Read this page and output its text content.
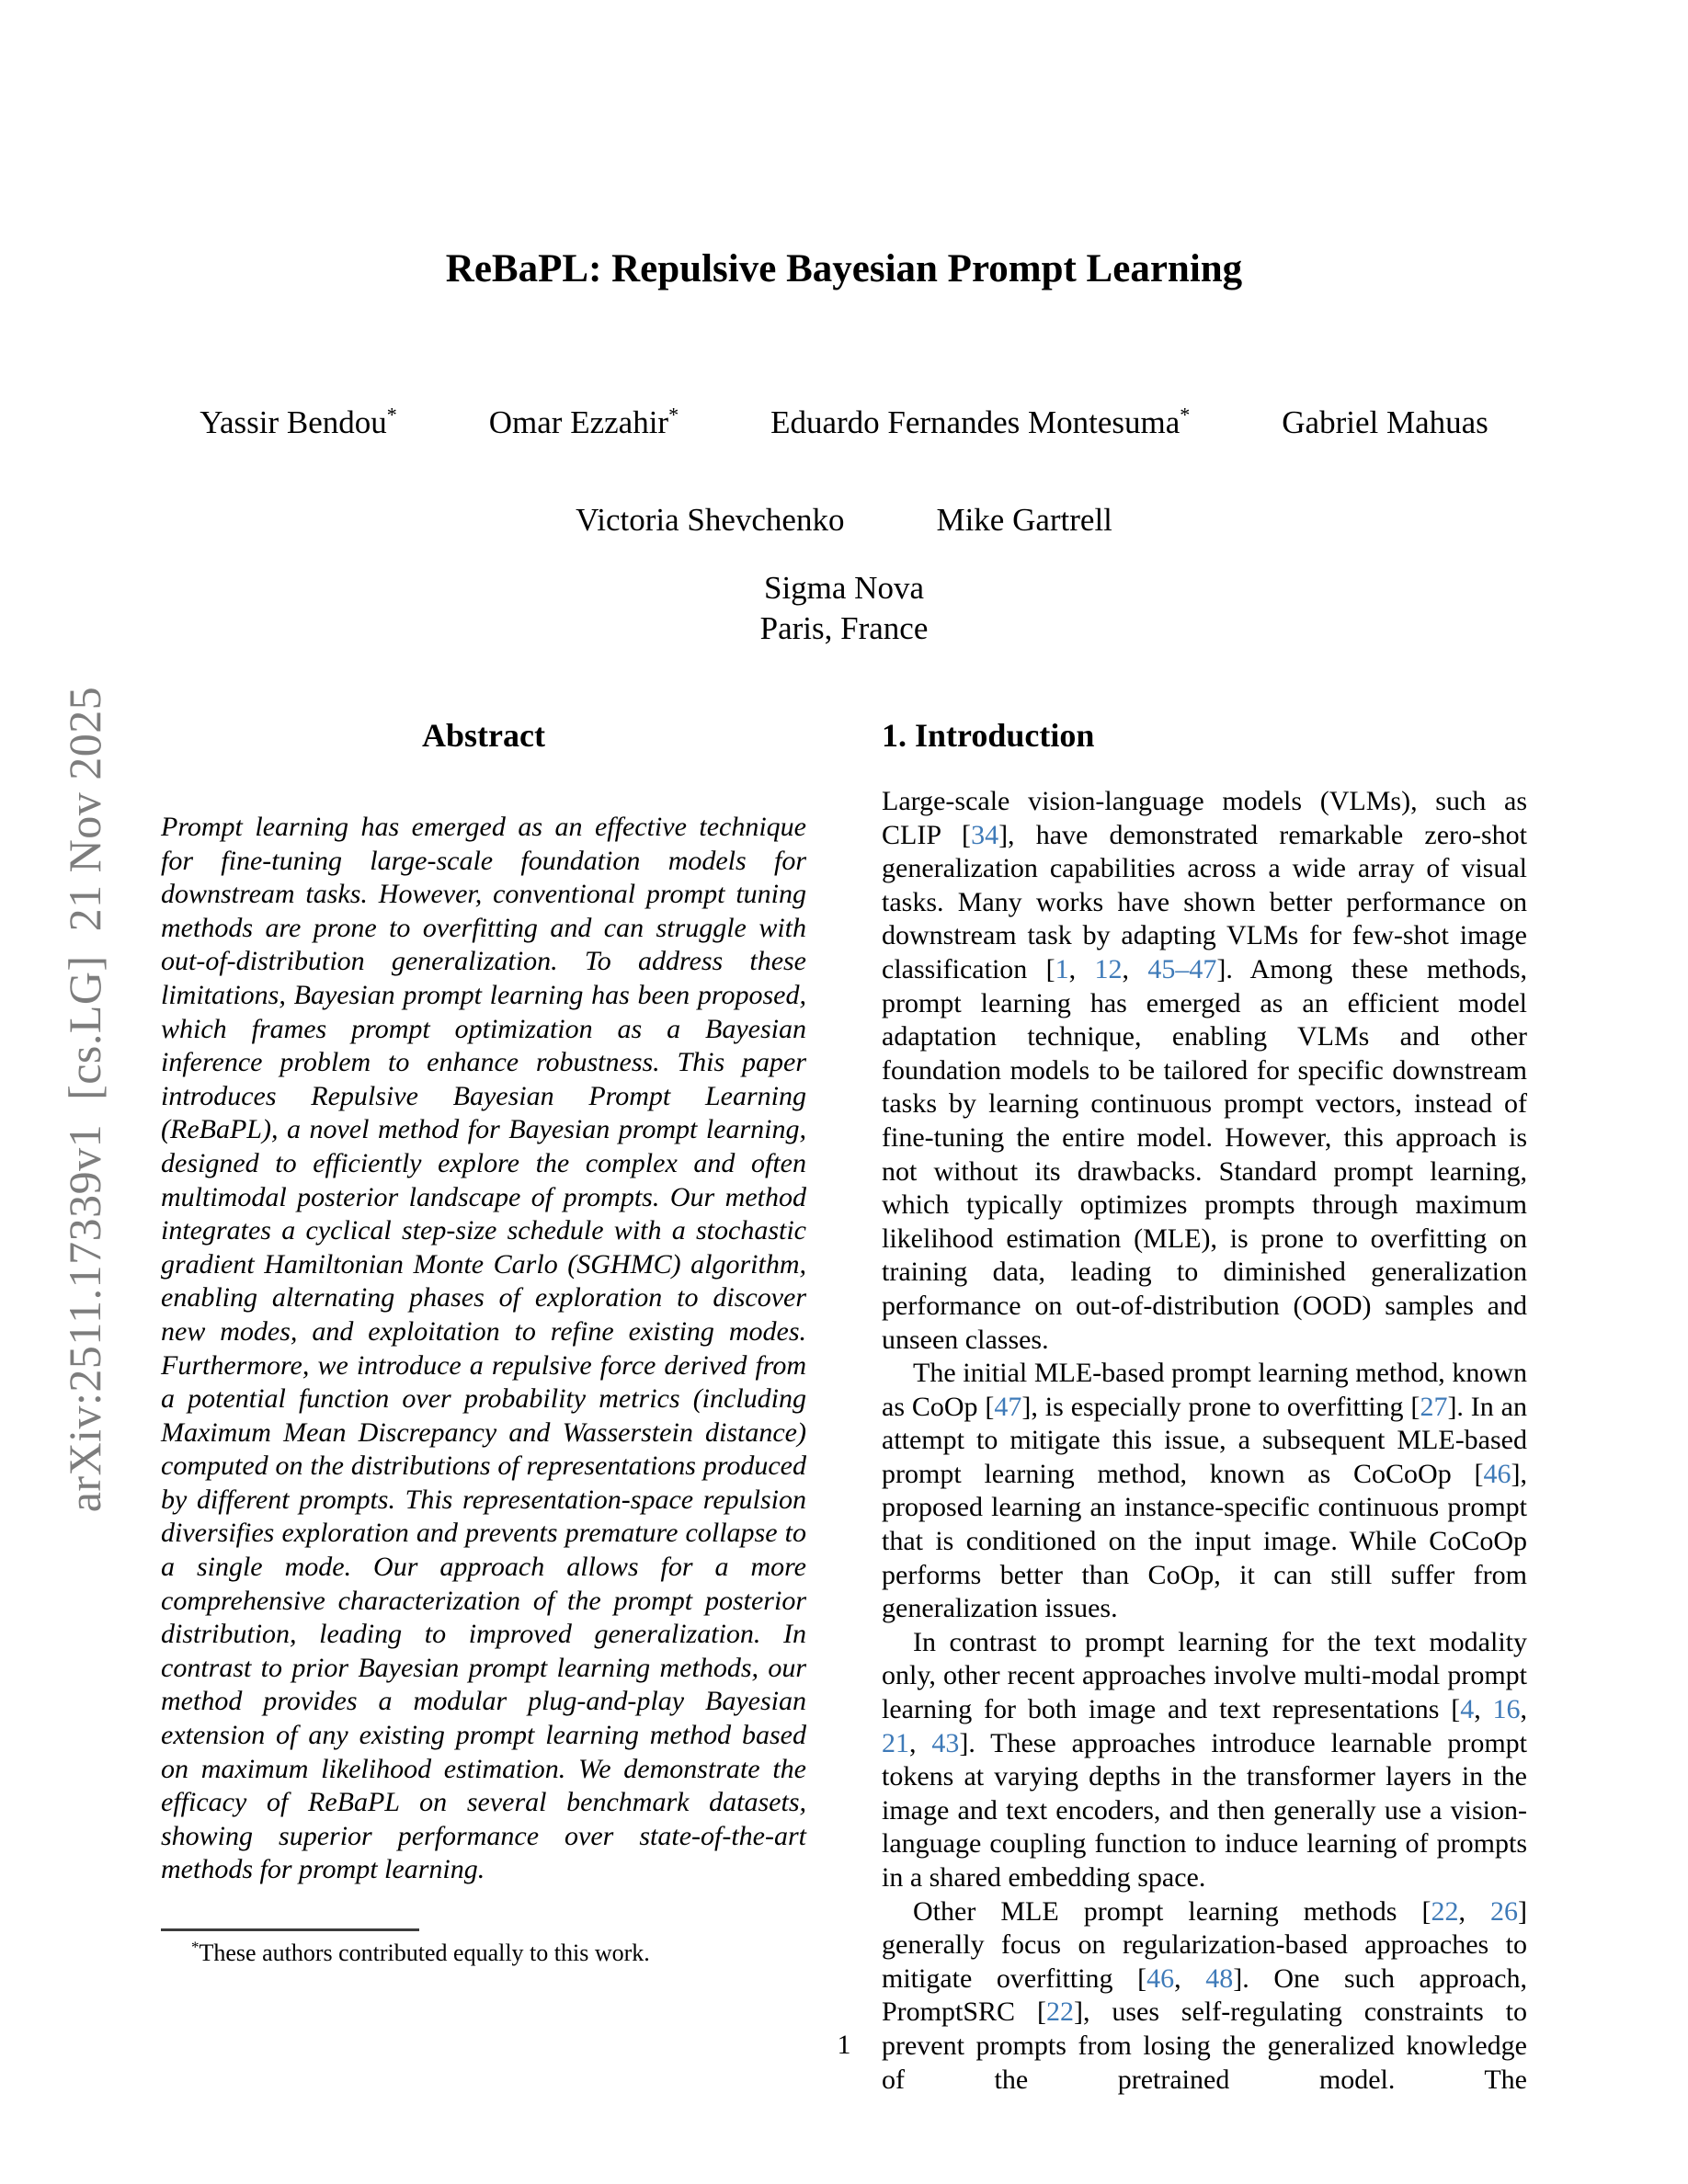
arXiv:2511.17339v1  [cs.LG]  21 Nov 2025
ReBaPL: Repulsive Bayesian Prompt Learning
Yassir Bendou*	Omar Ezzahir*	Eduardo Fernandes Montesuma*	Gabriel Mahuas
Victoria Shevchenko	Mike Gartrell
Sigma Nova
Paris, France
Abstract

Prompt learning has emerged as an effective technique for fine-tuning large-scale foundation models for downstream tasks. However, conventional prompt tuning methods are prone to overfitting and can struggle with out-of-distribution generalization. To address these limitations, Bayesian prompt learning has been proposed, which frames prompt optimization as a Bayesian inference problem to enhance robustness. This paper introduces Repulsive Bayesian Prompt Learning (ReBaPL), a novel method for Bayesian prompt learning, designed to efficiently explore the complex and often multimodal posterior landscape of prompts. Our method integrates a cyclical step-size schedule with a stochastic gradient Hamiltonian Monte Carlo (SGHMC) algorithm, enabling alternating phases of exploration to discover new modes, and exploitation to refine existing modes. Furthermore, we introduce a repulsive force derived from a potential function over probability metrics (including Maximum Mean Discrepancy and Wasserstein distance) computed on the distributions of representations produced by different prompts. This representation-space repulsion diversifies exploration and prevents premature collapse to a single mode. Our approach allows for a more comprehensive characterization of the prompt posterior distribution, leading to improved generalization. In contrast to prior Bayesian prompt learning methods, our method provides a modular plug-and-play Bayesian extension of any existing prompt learning method based on maximum likelihood estimation. We demonstrate the efficacy of ReBaPL on several benchmark datasets, showing superior performance over state-of-the-art methods for prompt learning.

1. Introduction

Large-scale vision-language models (VLMs), such as CLIP [34], have demonstrated remarkable zero-shot generalization capabilities across a wide array of visual tasks. Many works have shown better performance on downstream task by adapting VLMs for few-shot image classification [1, 12, 45–47]. Among these methods, prompt learning has emerged as an efficient model adaptation technique, enabling VLMs and other foundation models to be tailored for specific downstream tasks by learning continuous prompt vectors, instead of fine-tuning the entire model. However, this approach is not without its drawbacks. Standard prompt learning, which typically optimizes prompts through maximum likelihood estimation (MLE), is prone to overfitting on training data, leading to diminished generalization performance on out-of-distribution (OOD) samples and unseen classes.

The initial MLE-based prompt learning method, known as CoOp [47], is especially prone to overfitting [27]. In an attempt to mitigate this issue, a subsequent MLE-based prompt learning method, known as CoCoOp [46], proposed learning an instance-specific continuous prompt that is conditioned on the input image. While CoCoOp performs better than CoOp, it can still suffer from generalization issues.

In contrast to prompt learning for the text modality only, other recent approaches involve multi-modal prompt learning for both image and text representations [4, 16, 21, 43]. These approaches introduce learnable prompt tokens at varying depths in the transformer layers in the image and text encoders, and then generally use a vision-language coupling function to induce learning of prompts in a shared embedding space.

Other MLE prompt learning methods [22, 26] generally focus on regularization-based approaches to mitigate overfitting [46, 48]. One such approach, PromptSRC [22], uses self-regulating constraints to prevent prompts from losing the generalized knowledge of the pretrained model. The

*These authors contributed equally to this work.

1
